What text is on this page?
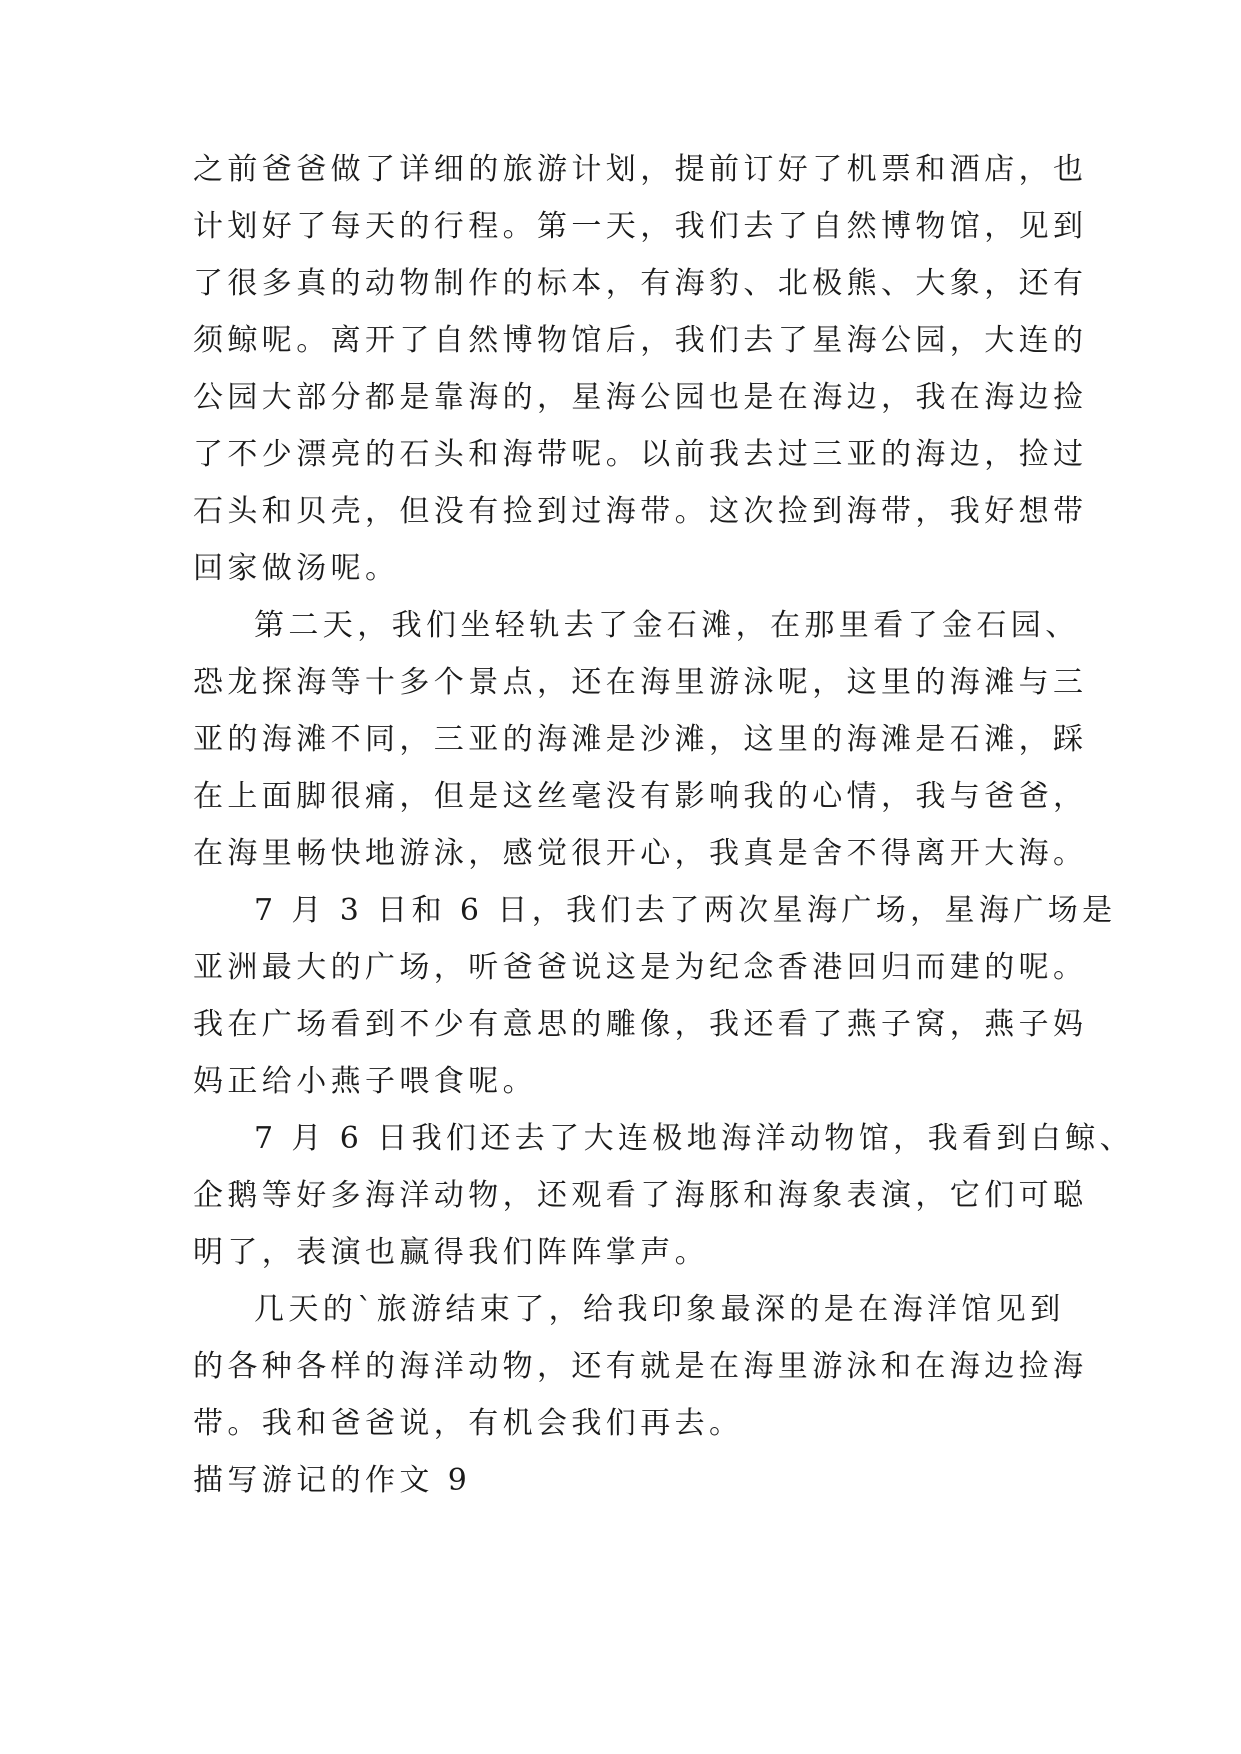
之前爸爸做了详细的旅游计划，提前订好了机票和酒店，也
计划好了每天的行程。第一天，我们去了自然博物馆，见到
了很多真的动物制作的标本，有海豹、北极熊、大象，还有
须鲸呢。离开了自然博物馆后，我们去了星海公园，大连的
公园大部分都是靠海的，星海公园也是在海边，我在海边捡
了不少漂亮的石头和海带呢。以前我去过三亚的海边，捡过
石头和贝壳，但没有捡到过海带。这次捡到海带，我好想带
回家做汤呢。
第二天，我们坐轻轨去了金石滩，在那里看了金石园、
恐龙探海等十多个景点，还在海里游泳呢，这里的海滩与三
亚的海滩不同，三亚的海滩是沙滩，这里的海滩是石滩，踩
在上面脚很痛，但是这丝毫没有影响我的心情，我与爸爸，
在海里畅快地游泳，感觉很开心，我真是舍不得离开大海。
7 月 3 日和 6 日，我们去了两次星海广场，星海广场是
亚洲最大的广场，听爸爸说这是为纪念香港回归而建的呢。
我在广场看到不少有意思的雕像，我还看了燕子窝，燕子妈
妈正给小燕子喂食呢。
7 月 6 日我们还去了大连极地海洋动物馆，我看到白鲸、
企鹅等好多海洋动物，还观看了海豚和海象表演，它们可聪
明了，表演也赢得我们阵阵掌声。
几天的`旅游结束了，给我印象最深的是在海洋馆见到
的各种各样的海洋动物，还有就是在海里游泳和在海边捡海
带。我和爸爸说，有机会我们再去。
描写游记的作文 9
